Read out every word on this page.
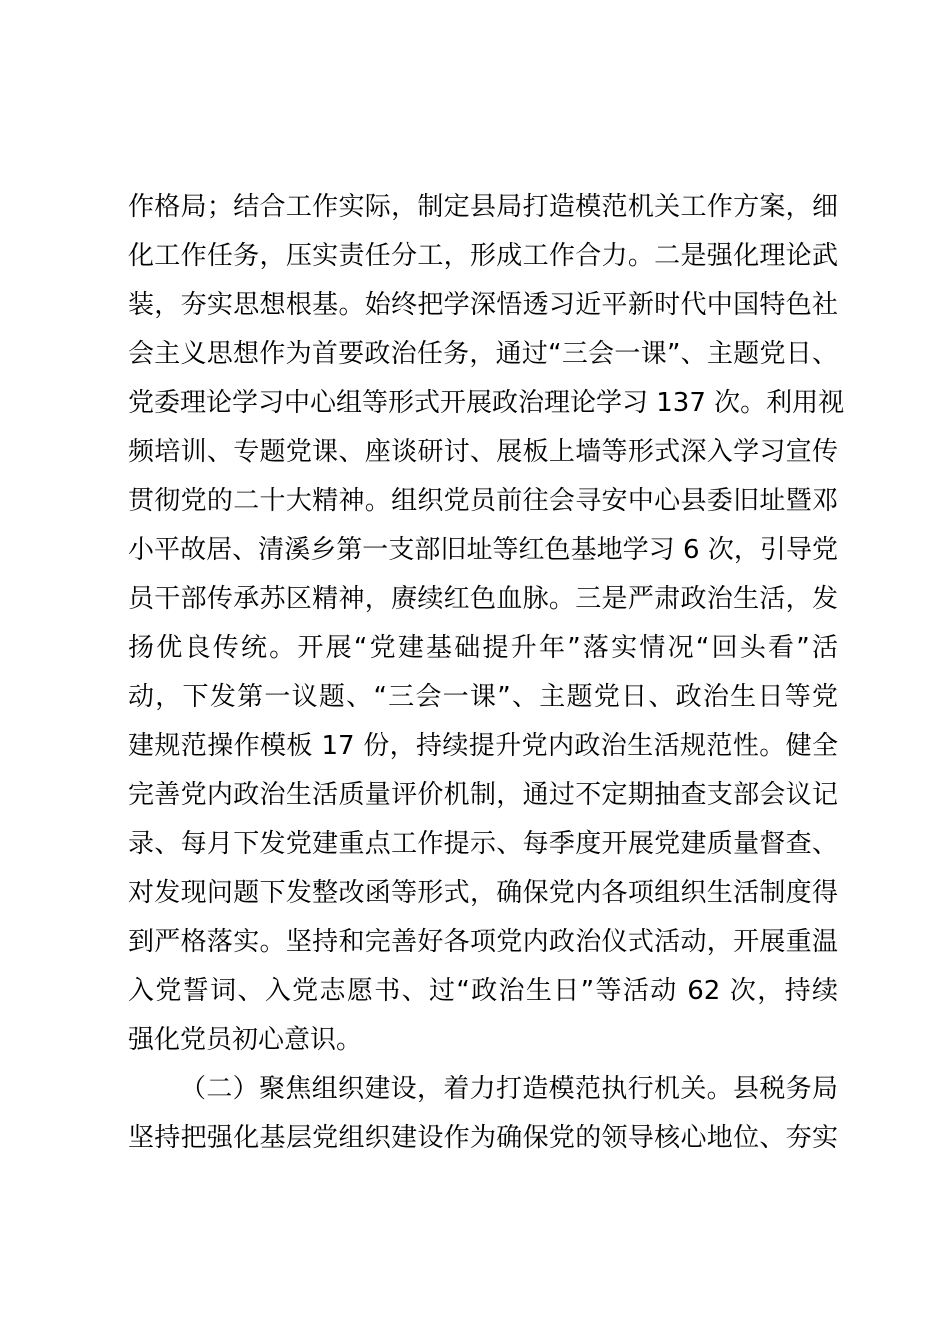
作格局；结合工作实际，制定县局打造模范机关工作方案，细
化工作任务，压实责任分工，形成工作合力。二是强化理论武
装，夯实思想根基。始终把学深悟透习近平新时代中国特色社
会主义思想作为首要政治任务，通过“三会一课”、主题党日、
党委理论学习中心组等形式开展政治理论学习 137 次。利用视
频培训、专题党课、座谈研讨、展板上墙等形式深入学习宣传
贯彻党的二十大精神。组织党员前往会寻安中心县委旧址暨邓
小平故居、清溪乡第一支部旧址等红色基地学习 6 次，引导党
员干部传承苏区精神，赓续红色血脉。三是严肃政治生活，发
扬优良传统。开展“党建基础提升年”落实情况“回头看”活
动，下发第一议题、“三会一课”、主题党日、政治生日等党
建规范操作模板 17 份，持续提升党内政治生活规范性。健全
完善党内政治生活质量评价机制，通过不定期抽查支部会议记
录、每月下发党建重点工作提示、每季度开展党建质量督查、
对发现问题下发整改函等形式，确保党内各项组织生活制度得
到严格落实。坚持和完善好各项党内政治仪式活动，开展重温
入党誓词、入党志愿书、过“政治生日”等活动 62 次，持续
强化党员初心意识。
（二）聚焦组织建设，着力打造模范执行机关。县税务局
坚持把强化基层党组织建设作为确保党的领导核心地位、夯实
